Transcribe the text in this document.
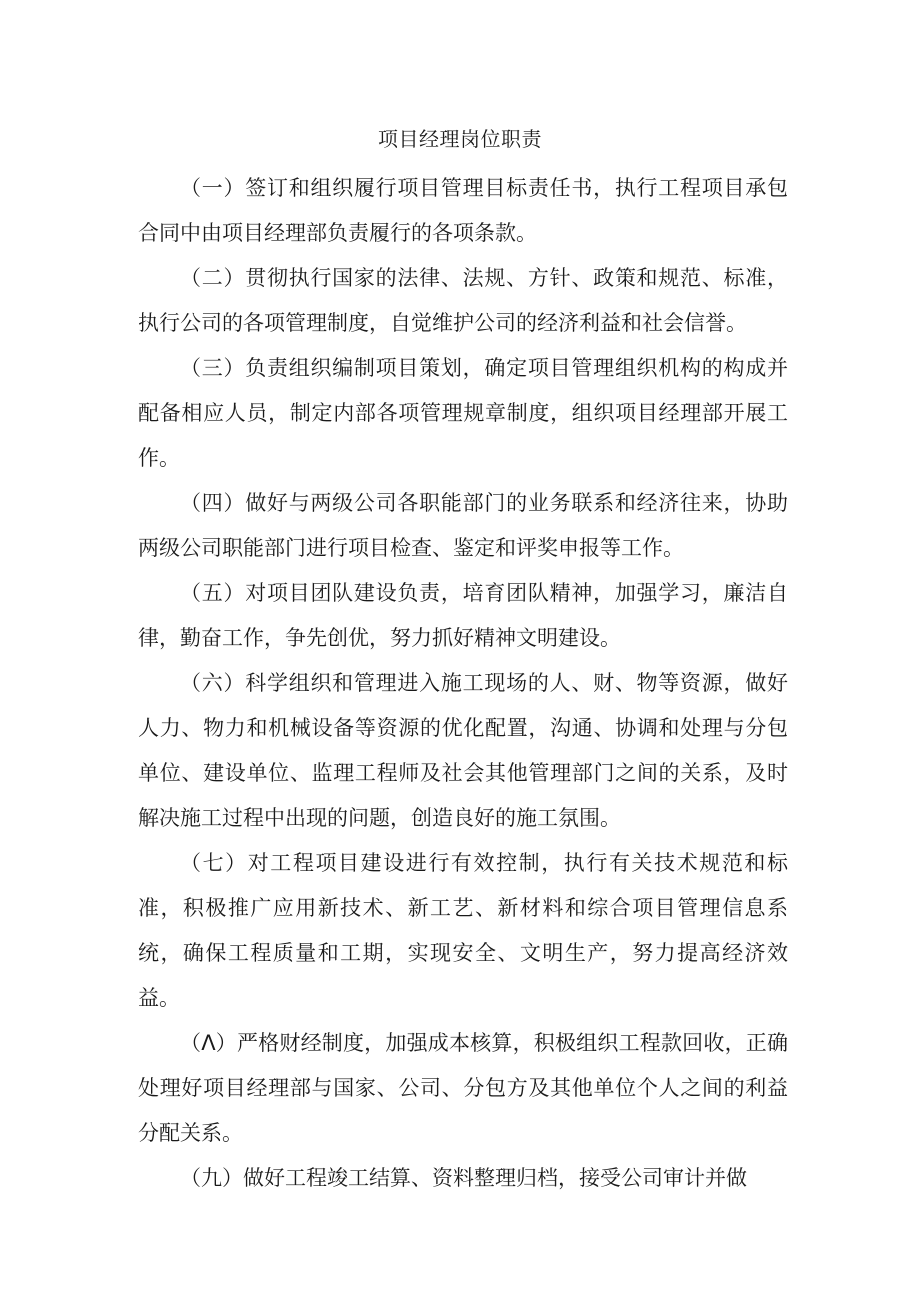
项目经理岗位职责

（一）签订和组织履行项目管理目标责任书，执行工程项目承包合同中由项目经理部负责履行的各项条款。

（二）贯彻执行国家的法律、法规、方针、政策和规范、标准，执行公司的各项管理制度，自觉维护公司的经济利益和社会信誉。

（三）负责组织编制项目策划，确定项目管理组织机构的构成并配备相应人员，制定内部各项管理规章制度，组织项目经理部开展工作。

（四）做好与两级公司各职能部门的业务联系和经济往来，协助两级公司职能部门进行项目检查、鉴定和评奖申报等工作。

（五）对项目团队建设负责，培育团队精神，加强学习，廉洁自律，勤奋工作，争先创优，努力抓好精神文明建设。

（六）科学组织和管理进入施工现场的人、财、物等资源，做好人力、物力和机械设备等资源的优化配置，沟通、协调和处理与分包单位、建设单位、监理工程师及社会其他管理部门之间的关系，及时解决施工过程中出现的问题，创造良好的施工氛围。

（七）对工程项目建设进行有效控制，执行有关技术规范和标准，积极推广应用新技术、新工艺、新材料和综合项目管理信息系统，确保工程质量和工期，实现安全、文明生产，努力提高经济效益。

（Λ）严格财经制度，加强成本核算，积极组织工程款回收，正确处理好项目经理部与国家、公司、分包方及其他单位个人之间的利益分配关系。

（九）做好工程竣工结算、资料整理归档，接受公司审计并做
